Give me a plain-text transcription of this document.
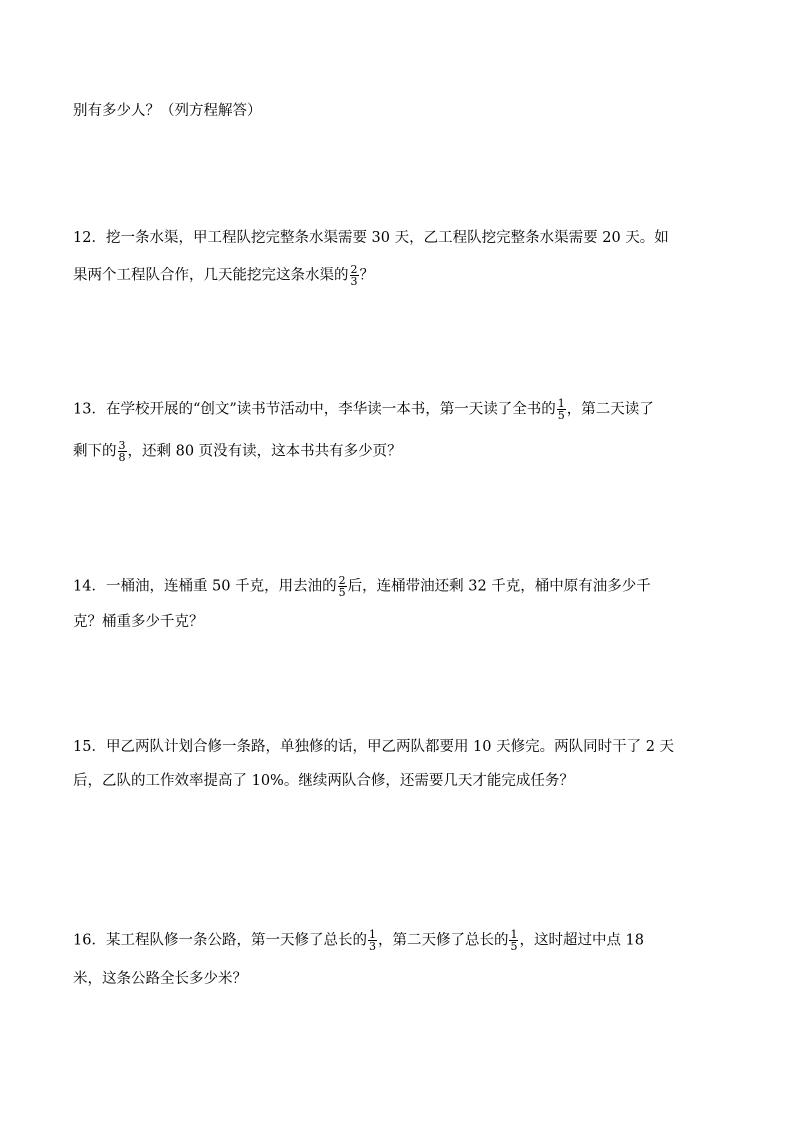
别有多少人？（列方程解答）
12．挖一条水渠，甲工程队挖完整条水渠需要 30 天，乙工程队挖完整条水渠需要 20 天。如
果两个工程队合作，几天能挖完这条水渠的 $\frac{2}{3}$ ？
13．在学校开展的“创文”读书节活动中，李华读一本书，第一天读了全书的 $\frac{1}{5}$ ，第二天读了
剩下的 $\frac{3}{8}$ ，还剩 80 页没有读，这本书共有多少页？
14．一桶油，连桶重 50 千克，用去油的 $\frac{2}{5}$ 后，连桶带油还剩 32 千克，桶中原有油多少千
克？桶重多少千克？
15．甲乙两队计划合修一条路，单独修的话，甲乙两队都要用 10 天修完。两队同时干了 2 天
后，乙队的工作效率提高了 10%。继续两队合修，还需要几天才能完成任务？
16．某工程队修一条公路，第一天修了总长的 $\frac{1}{3}$ ，第二天修了总长的 $\frac{1}{5}$ ，这时超过中点 18
米，这条公路全长多少米？
